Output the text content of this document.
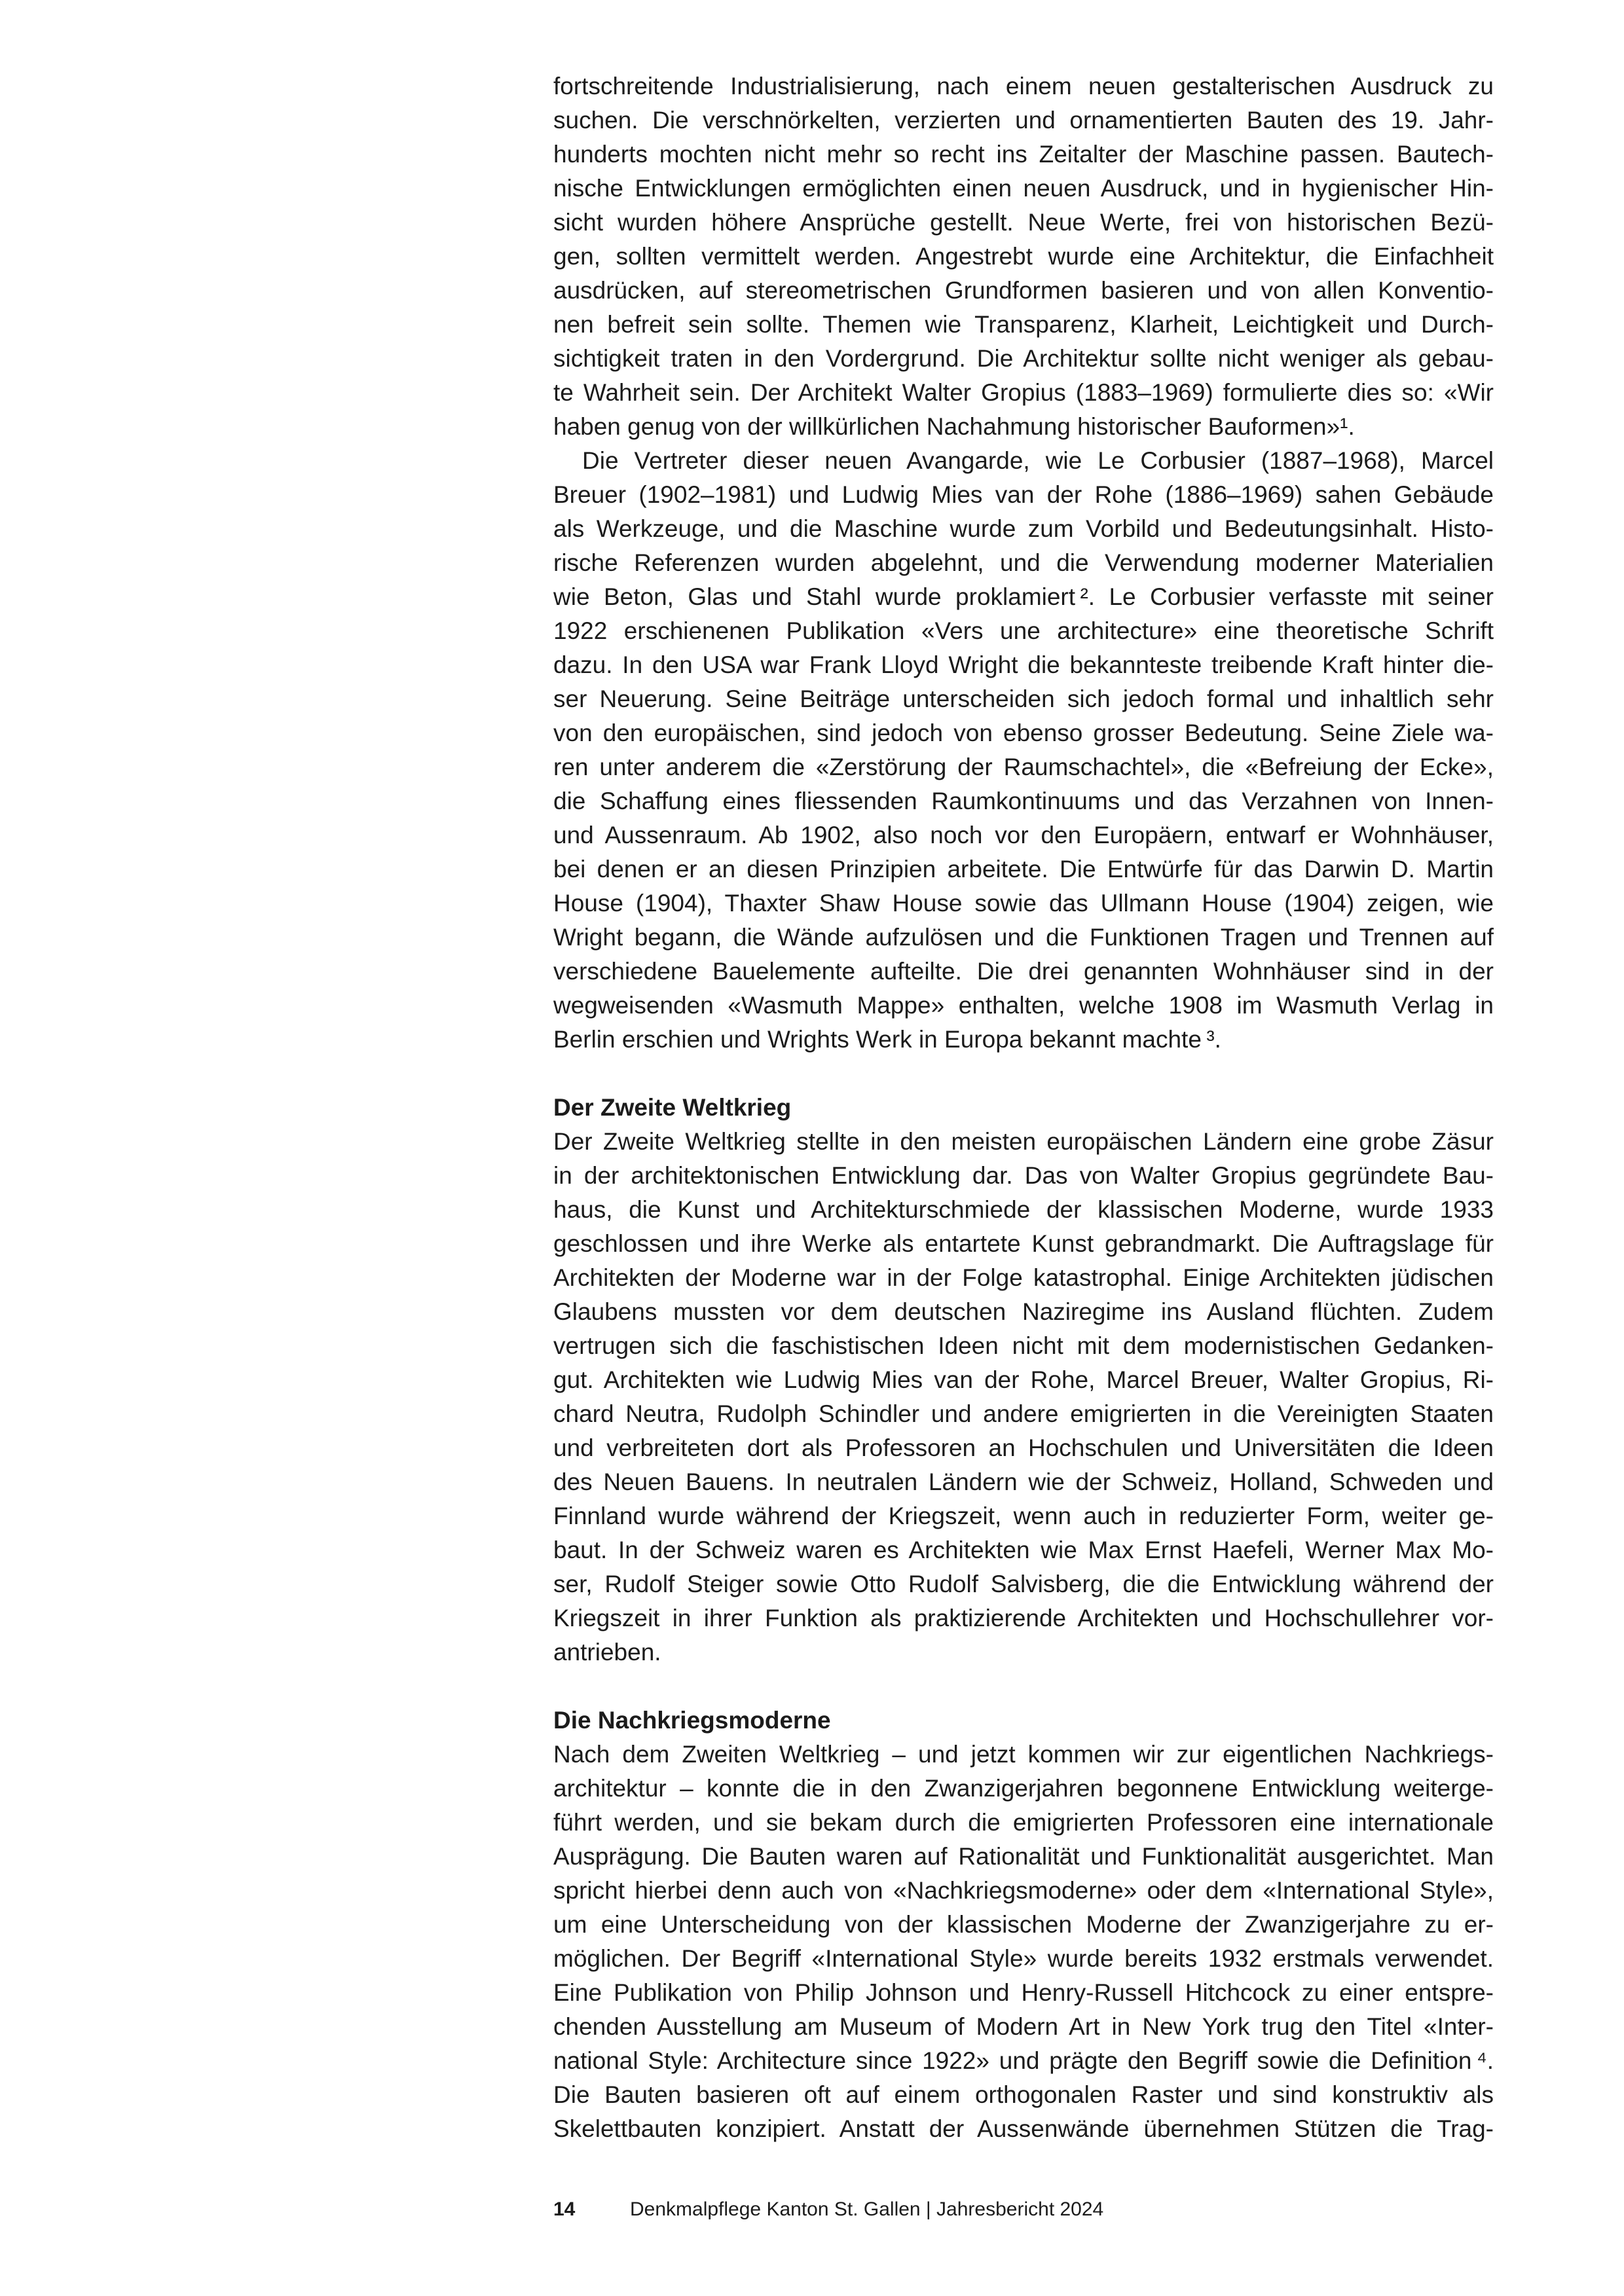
fortschreitende Industrialisierung, nach einem neuen gestalterischen Ausdruck zu
suchen. Die verschnörkelten, verzierten und ornamentierten Bauten des 19. Jahr-
hunderts mochten nicht mehr so recht ins Zeitalter der Maschine passen. Bautech-
nische Entwicklungen ermöglichten einen neuen Ausdruck, und in hygienischer Hin-
sicht wurden höhere Ansprüche gestellt. Neue Werte, frei von historischen Bezü-
gen, sollten vermittelt werden. Angestrebt wurde eine Architektur, die Einfachheit
ausdrücken, auf stereometrischen Grundformen basieren und von allen Konventio-
nen befreit sein sollte. Themen wie Transparenz, Klarheit, Leichtigkeit und Durch-
sichtigkeit traten in den Vordergrund. Die Architektur sollte nicht weniger als gebau-
te Wahrheit sein. Der Architekt Walter Gropius (1883–1969) formulierte dies so: «Wir
haben genug von der willkürlichen Nachahmung historischer Bauformen»¹.
Die Vertreter dieser neuen Avangarde, wie Le Corbusier (1887–1968), Marcel
Breuer (1902–1981) und Ludwig Mies van der Rohe (1886–1969) sahen Gebäude
als Werkzeuge, und die Maschine wurde zum Vorbild und Bedeutungsinhalt. Histo-
rische Referenzen wurden abgelehnt, und die Verwendung moderner Materialien
wie Beton, Glas und Stahl wurde proklamiert ². Le Corbusier verfasste mit seiner
1922 erschienenen Publikation «Vers une architecture» eine theoretische Schrift
dazu. In den USA war Frank Lloyd Wright die bekannteste treibende Kraft hinter die-
ser Neuerung. Seine Beiträge unterscheiden sich jedoch formal und inhaltlich sehr
von den europäischen, sind jedoch von ebenso grosser Bedeutung. Seine Ziele wa-
ren unter anderem die «Zerstörung der Raumschachtel», die «Befreiung der Ecke»,
die Schaffung eines fliessenden Raumkontinuums und das Verzahnen von Innen-
und Aussenraum. Ab 1902, also noch vor den Europäern, entwarf er Wohnhäuser,
bei denen er an diesen Prinzipien arbeitete. Die Entwürfe für das Darwin D. Martin
House (1904), Thaxter Shaw House sowie das Ullmann House (1904) zeigen, wie
Wright begann, die Wände aufzulösen und die Funktionen Tragen und Trennen auf
verschiedene Bauelemente aufteilte. Die drei genannten Wohnhäuser sind in der
wegweisenden «Wasmuth Mappe» enthalten, welche 1908 im Wasmuth Verlag in
Berlin erschien und Wrights Werk in Europa bekannt machte ³.
Der Zweite Weltkrieg
Der Zweite Weltkrieg stellte in den meisten europäischen Ländern eine grobe Zäsur
in der architektonischen Entwicklung dar. Das von Walter Gropius gegründete Bau-
haus, die Kunst und Architekturschmiede der klassischen Moderne, wurde 1933
geschlossen und ihre Werke als entartete Kunst gebrandmarkt. Die Auftragslage für
Architekten der Moderne war in der Folge katastrophal. Einige Architekten jüdischen
Glaubens mussten vor dem deutschen Naziregime ins Ausland flüchten. Zudem
vertrugen sich die faschistischen Ideen nicht mit dem modernistischen Gedanken-
gut. Architekten wie Ludwig Mies van der Rohe, Marcel Breuer, Walter Gropius, Ri-
chard Neutra, Rudolph Schindler und andere emigrierten in die Vereinigten Staaten
und verbreiteten dort als Professoren an Hochschulen und Universitäten die Ideen
des Neuen Bauens. In neutralen Ländern wie der Schweiz, Holland, Schweden und
Finnland wurde während der Kriegszeit, wenn auch in reduzierter Form, weiter ge-
baut. In der Schweiz waren es Architekten wie Max Ernst Haefeli, Werner Max Mo-
ser, Rudolf Steiger sowie Otto Rudolf Salvisberg, die die Entwicklung während der
Kriegszeit in ihrer Funktion als praktizierende Architekten und Hochschullehrer vor-
antrieben.
Die Nachkriegsmoderne
Nach dem Zweiten Weltkrieg – und jetzt kommen wir zur eigentlichen Nachkriegs-
architektur – konnte die in den Zwanzigerjahren begonnene Entwicklung weiterge-
führt werden, und sie bekam durch die emigrierten Professoren eine internationale
Ausprägung. Die Bauten waren auf Rationalität und Funktionalität ausgerichtet. Man
spricht hierbei denn auch von «Nachkriegsmoderne» oder dem «International Style»,
um eine Unterscheidung von der klassischen Moderne der Zwanzigerjahre zu er-
möglichen. Der Begriff «International Style» wurde bereits 1932 erstmals verwendet.
Eine Publikation von Philip Johnson und Henry-Russell Hitchcock zu einer entspre-
chenden Ausstellung am Museum of Modern Art in New York trug den Titel «Inter-
national Style: Architecture since 1922» und prägte den Begriff sowie die Definition ⁴.
Die Bauten basieren oft auf einem orthogonalen Raster und sind konstruktiv als
Skelettbauten konzipiert. Anstatt der Aussenwände übernehmen Stützen die Trag-
14	Denkmalpflege Kanton St. Gallen | Jahresbericht 2024
